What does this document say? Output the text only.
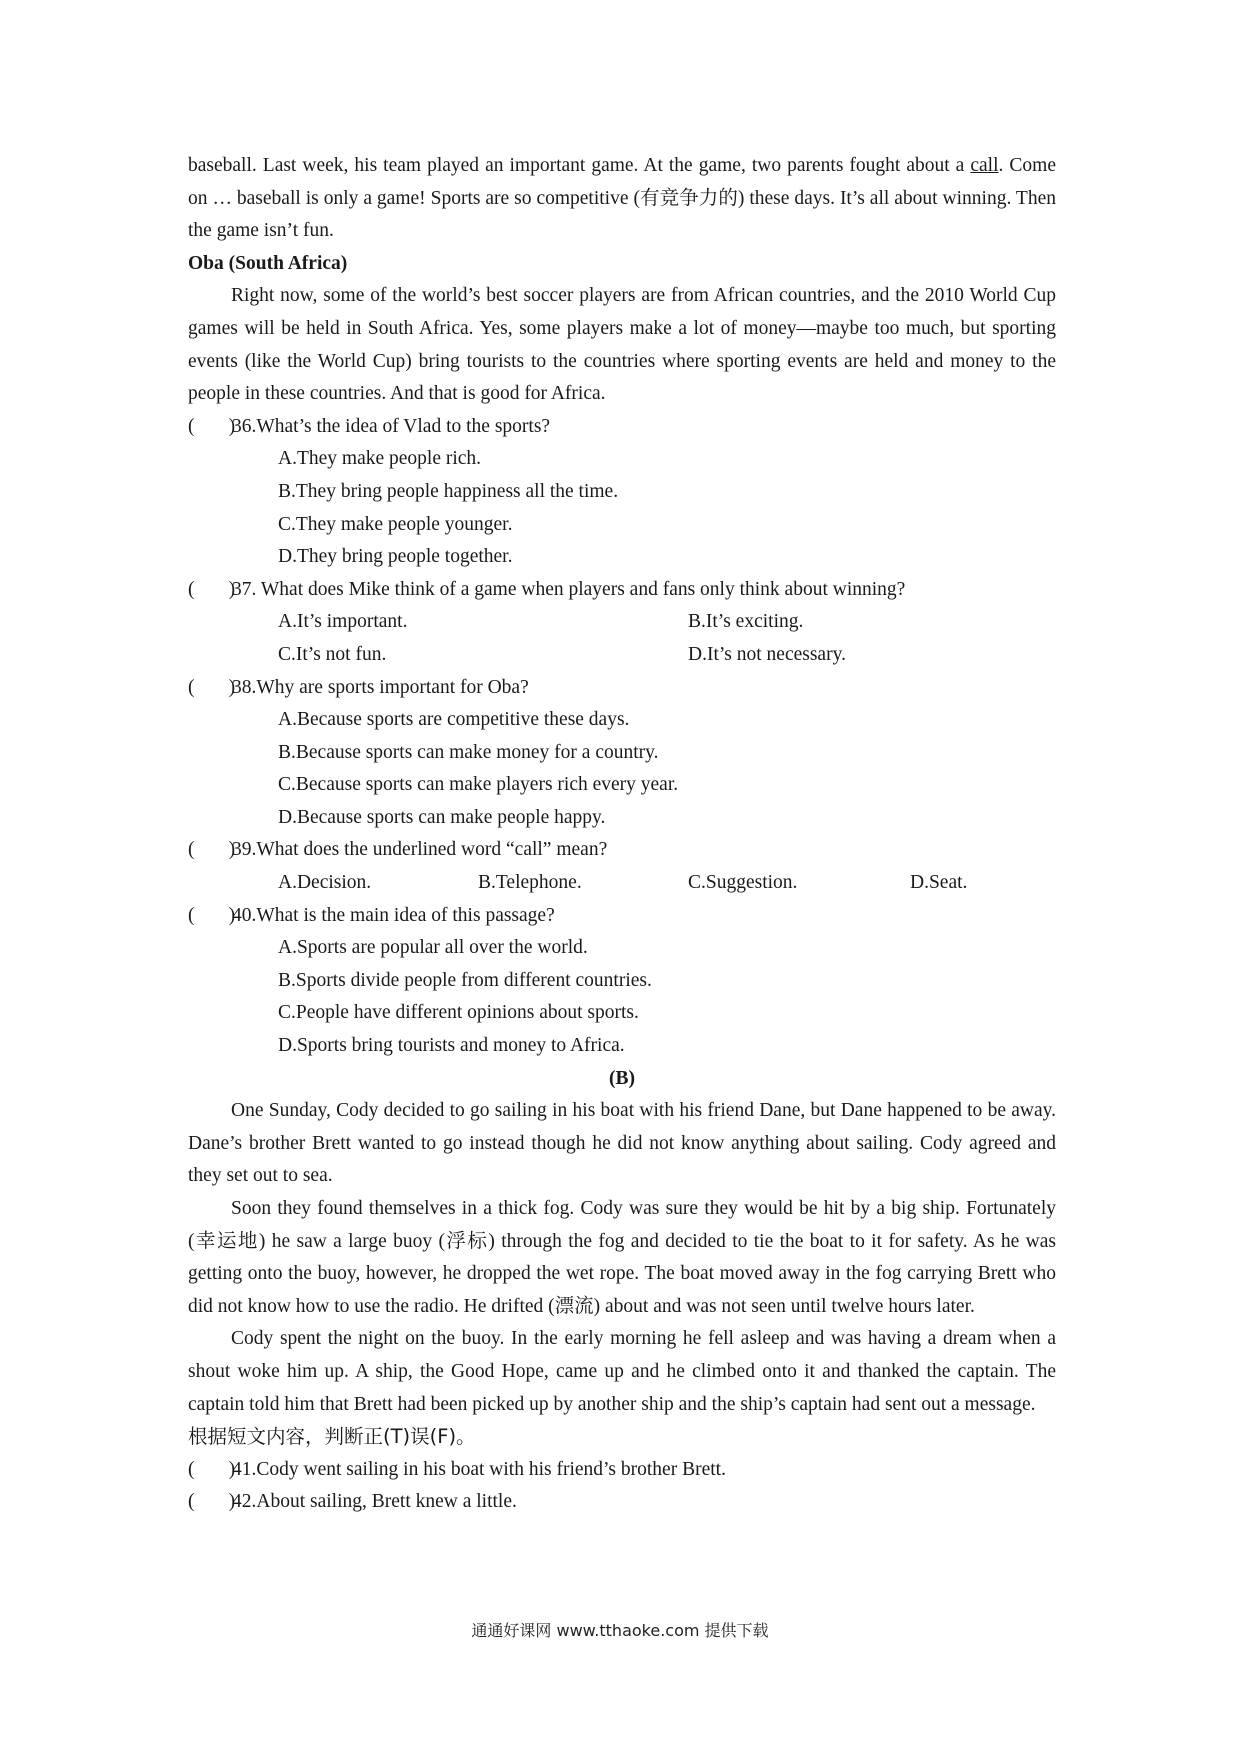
baseball. Last week, his team played an important game. At the game, two parents fought about a call. Come on … baseball is only a game! Sports are so competitive (有竞争力的) these days. It’s all about winning. Then the game isn’t fun.

Oba (South Africa)

Right now, some of the world’s best soccer players are from African countries, and the 2010 World Cup games will be held in South Africa. Yes, some players make a lot of money—maybe too much, but sporting events (like the World Cup) bring tourists to the countries where sporting events are held and money to the people in these countries. And that is good for Africa.

(       )
36.What’s the idea of Vlad to the sports?

A.They make people rich.

B.They bring people happiness all the time.

C.They make people younger.

D.They bring people together.

(       )
37. What does Mike think of a game when players and fans only think about winning?

A.It’s important.	B.It’s exciting.
C.It’s not fun.	D.It’s not necessary.

(       )
38.Why are sports important for Oba?

A.Because sports are competitive these days.

B.Because sports can make money for a country.

C.Because sports can make players rich every year.

D.Because sports can make people happy.

(       )
39.What does the underlined word “call” mean?

A.Decision.	B.Telephone.	C.Suggestion.	D.Seat.

(       )
40.What is the main idea of this passage?

A.Sports are popular all over the world.

B.Sports divide people from different countries.

C.People have different opinions about sports.

D.Sports bring tourists and money to Africa.

(B)

One Sunday, Cody decided to go sailing in his boat with his friend Dane, but Dane happened to be away. Dane’s brother Brett wanted to go instead though he did not know anything about sailing. Cody agreed and they set out to sea.

Soon they found themselves in a thick fog. Cody was sure they would be hit by a big ship. Fortunately (幸运地) he saw a large buoy (浮标) through the fog and decided to tie the boat to it for safety. As he was getting onto the buoy, however, he dropped the wet rope. The boat moved away in the fog carrying Brett who did not know how to use the radio. He drifted (漂流) about and was not seen until twelve hours later.

Cody spent the night on the buoy. In the early morning he fell asleep and was having a dream when a shout woke him up. A ship, the Good Hope, came up and he climbed onto it and thanked the captain. The captain told him that Brett had been picked up by another ship and the ship’s captain had sent out a message.

根据短文内容，判断正(T)误(F)。

(       )
41.Cody went sailing in his boat with his friend’s brother Brett.

(       )
42.About sailing, Brett knew a little.

通通好课网 www.tthaoke.com 提供下载
